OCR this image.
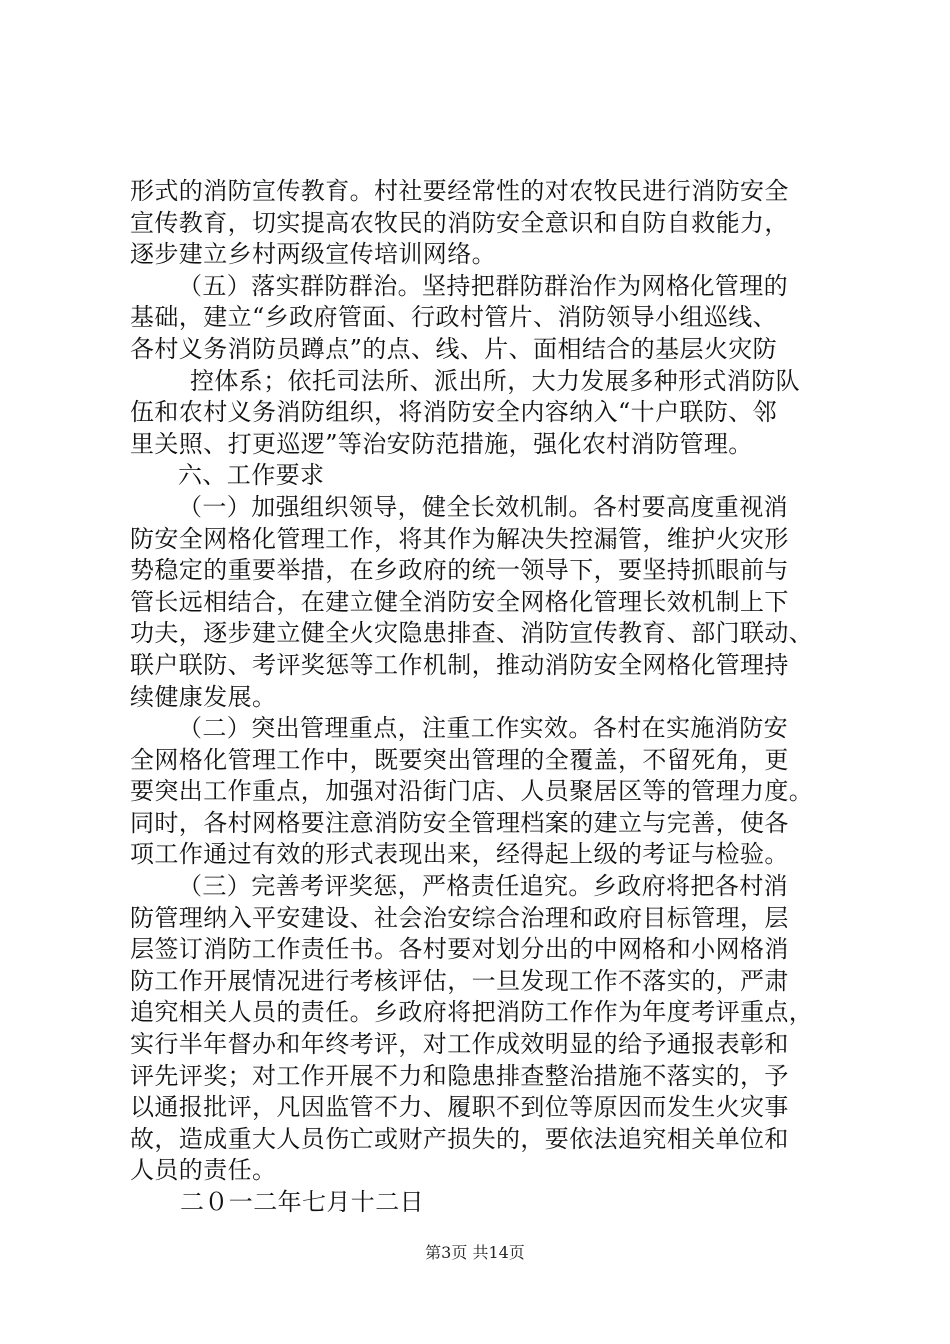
形式的消防宣传教育。村社要经常性的对农牧民进行消防安全
宣传教育，切实提高农牧民的消防安全意识和自防自救能力，
逐步建立乡村两级宣传培训网络。
（五）落实群防群治。坚持把群防群治作为网格化管理的
基础，建立“乡政府管面、行政村管片、消防领导小组巡线、
各村义务消防员蹲点”的点、线、片、面相结合的基层火灾防
控体系；依托司法所、派出所，大力发展多种形式消防队
伍和农村义务消防组织，将消防安全内容纳入“十户联防、邻
里关照、打更巡逻”等治安防范措施，强化农村消防管理。
六、工作要求
（一）加强组织领导，健全长效机制。各村要高度重视消
防安全网格化管理工作，将其作为解决失控漏管，维护火灾形
势稳定的重要举措，在乡政府的统一领导下，要坚持抓眼前与
管长远相结合，在建立健全消防安全网格化管理长效机制上下
功夫，逐步建立健全火灾隐患排查、消防宣传教育、部门联动、
联户联防、考评奖惩等工作机制，推动消防安全网格化管理持
续健康发展。
（二）突出管理重点，注重工作实效。各村在实施消防安
全网格化管理工作中，既要突出管理的全覆盖，不留死角，更
要突出工作重点，加强对沿街门店、人员聚居区等的管理力度。
同时，各村网格要注意消防安全管理档案的建立与完善，使各
项工作通过有效的形式表现出来，经得起上级的考证与检验。
（三）完善考评奖惩，严格责任追究。乡政府将把各村消
防管理纳入平安建设、社会治安综合治理和政府目标管理，层
层签订消防工作责任书。各村要对划分出的中网格和小网格消
防工作开展情况进行考核评估，一旦发现工作不落实的，严肃
追究相关人员的责任。乡政府将把消防工作作为年度考评重点，
实行半年督办和年终考评，对工作成效明显的给予通报表彰和
评先评奖；对工作开展不力和隐患排查整治措施不落实的，予
以通报批评，凡因监管不力、履职不到位等原因而发生火灾事
故，造成重大人员伤亡或财产损失的，要依法追究相关单位和
人员的责任。
二０一二年七月十二日
第3页 共14页
